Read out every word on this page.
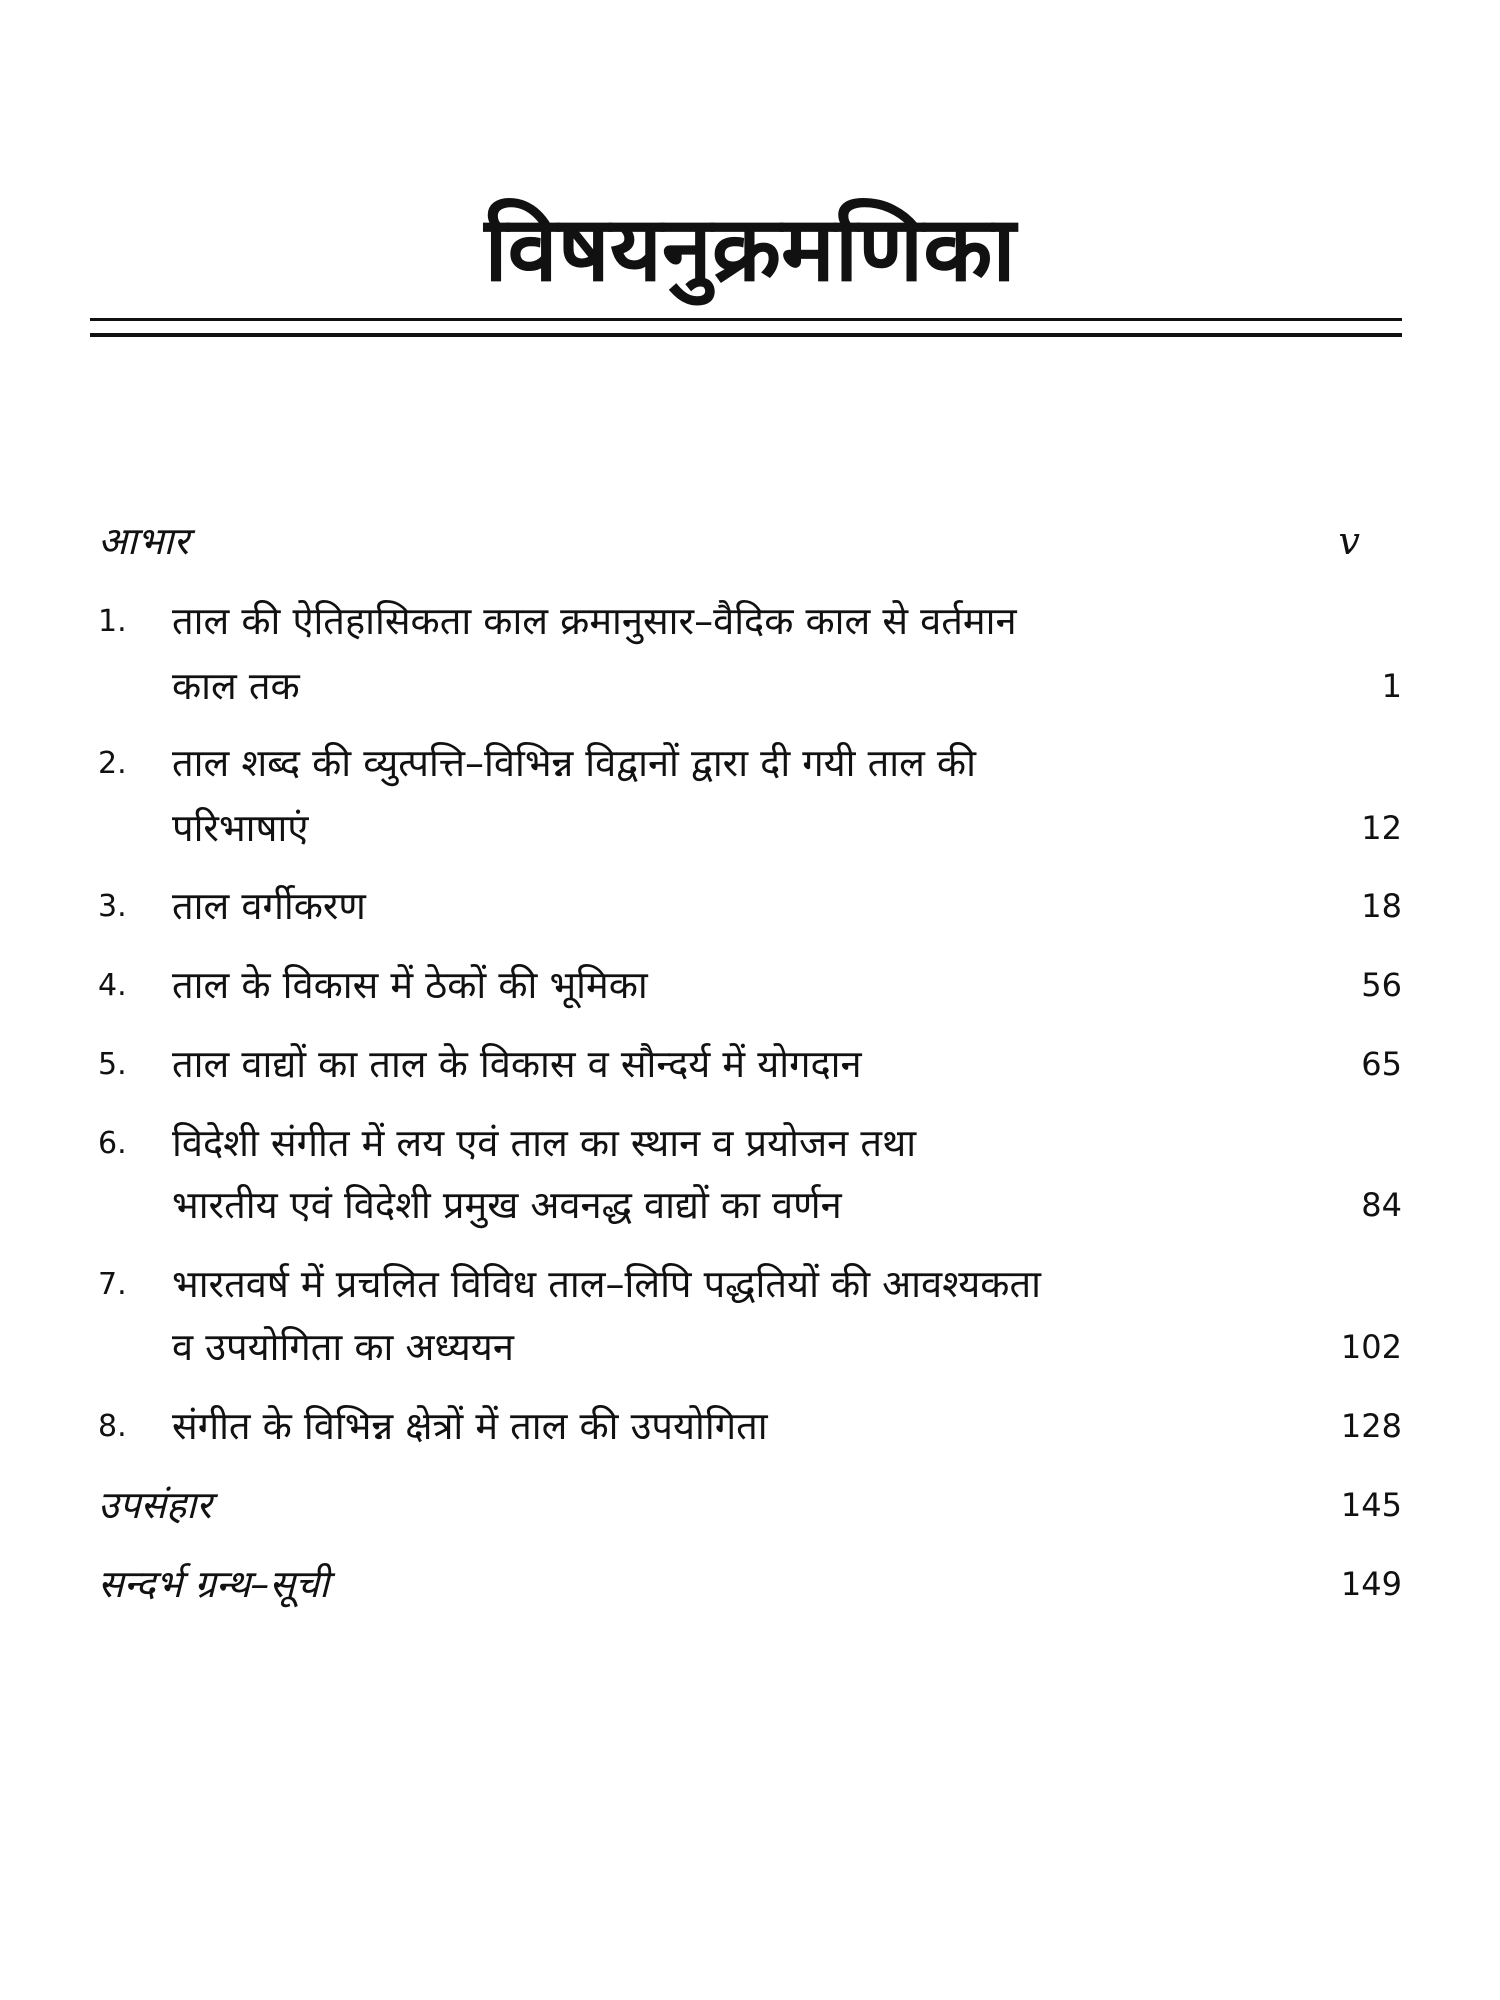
विषयनुक्रमणिका
आभार	v
1. ताल की ऐतिहासिकता काल क्रमानुसार–वैदिक काल से वर्तमान
काल तक	1
2. ताल शब्द की व्युत्पत्ति–विभिन्न विद्वानों द्वारा दी गयी ताल की
परिभाषाएं	12
3. ताल वर्गीकरण	18
4. ताल के विकास में ठेकों की भूमिका	56
5. ताल वाद्यों का ताल के विकास व सौन्दर्य में योगदान	65
6. विदेशी संगीत में लय एवं ताल का स्थान व प्रयोजन तथा
भारतीय एवं विदेशी प्रमुख अवनद्ध वाद्यों का वर्णन	84
7. भारतवर्ष में प्रचलित विविध ताल–लिपि पद्धतियों की आवश्यकता
व उपयोगिता का अध्ययन	102
8. संगीत के विभिन्न क्षेत्रों में ताल की उपयोगिता	128
उपसंहार	145
सन्दर्भ ग्रन्थ–सूची	149
